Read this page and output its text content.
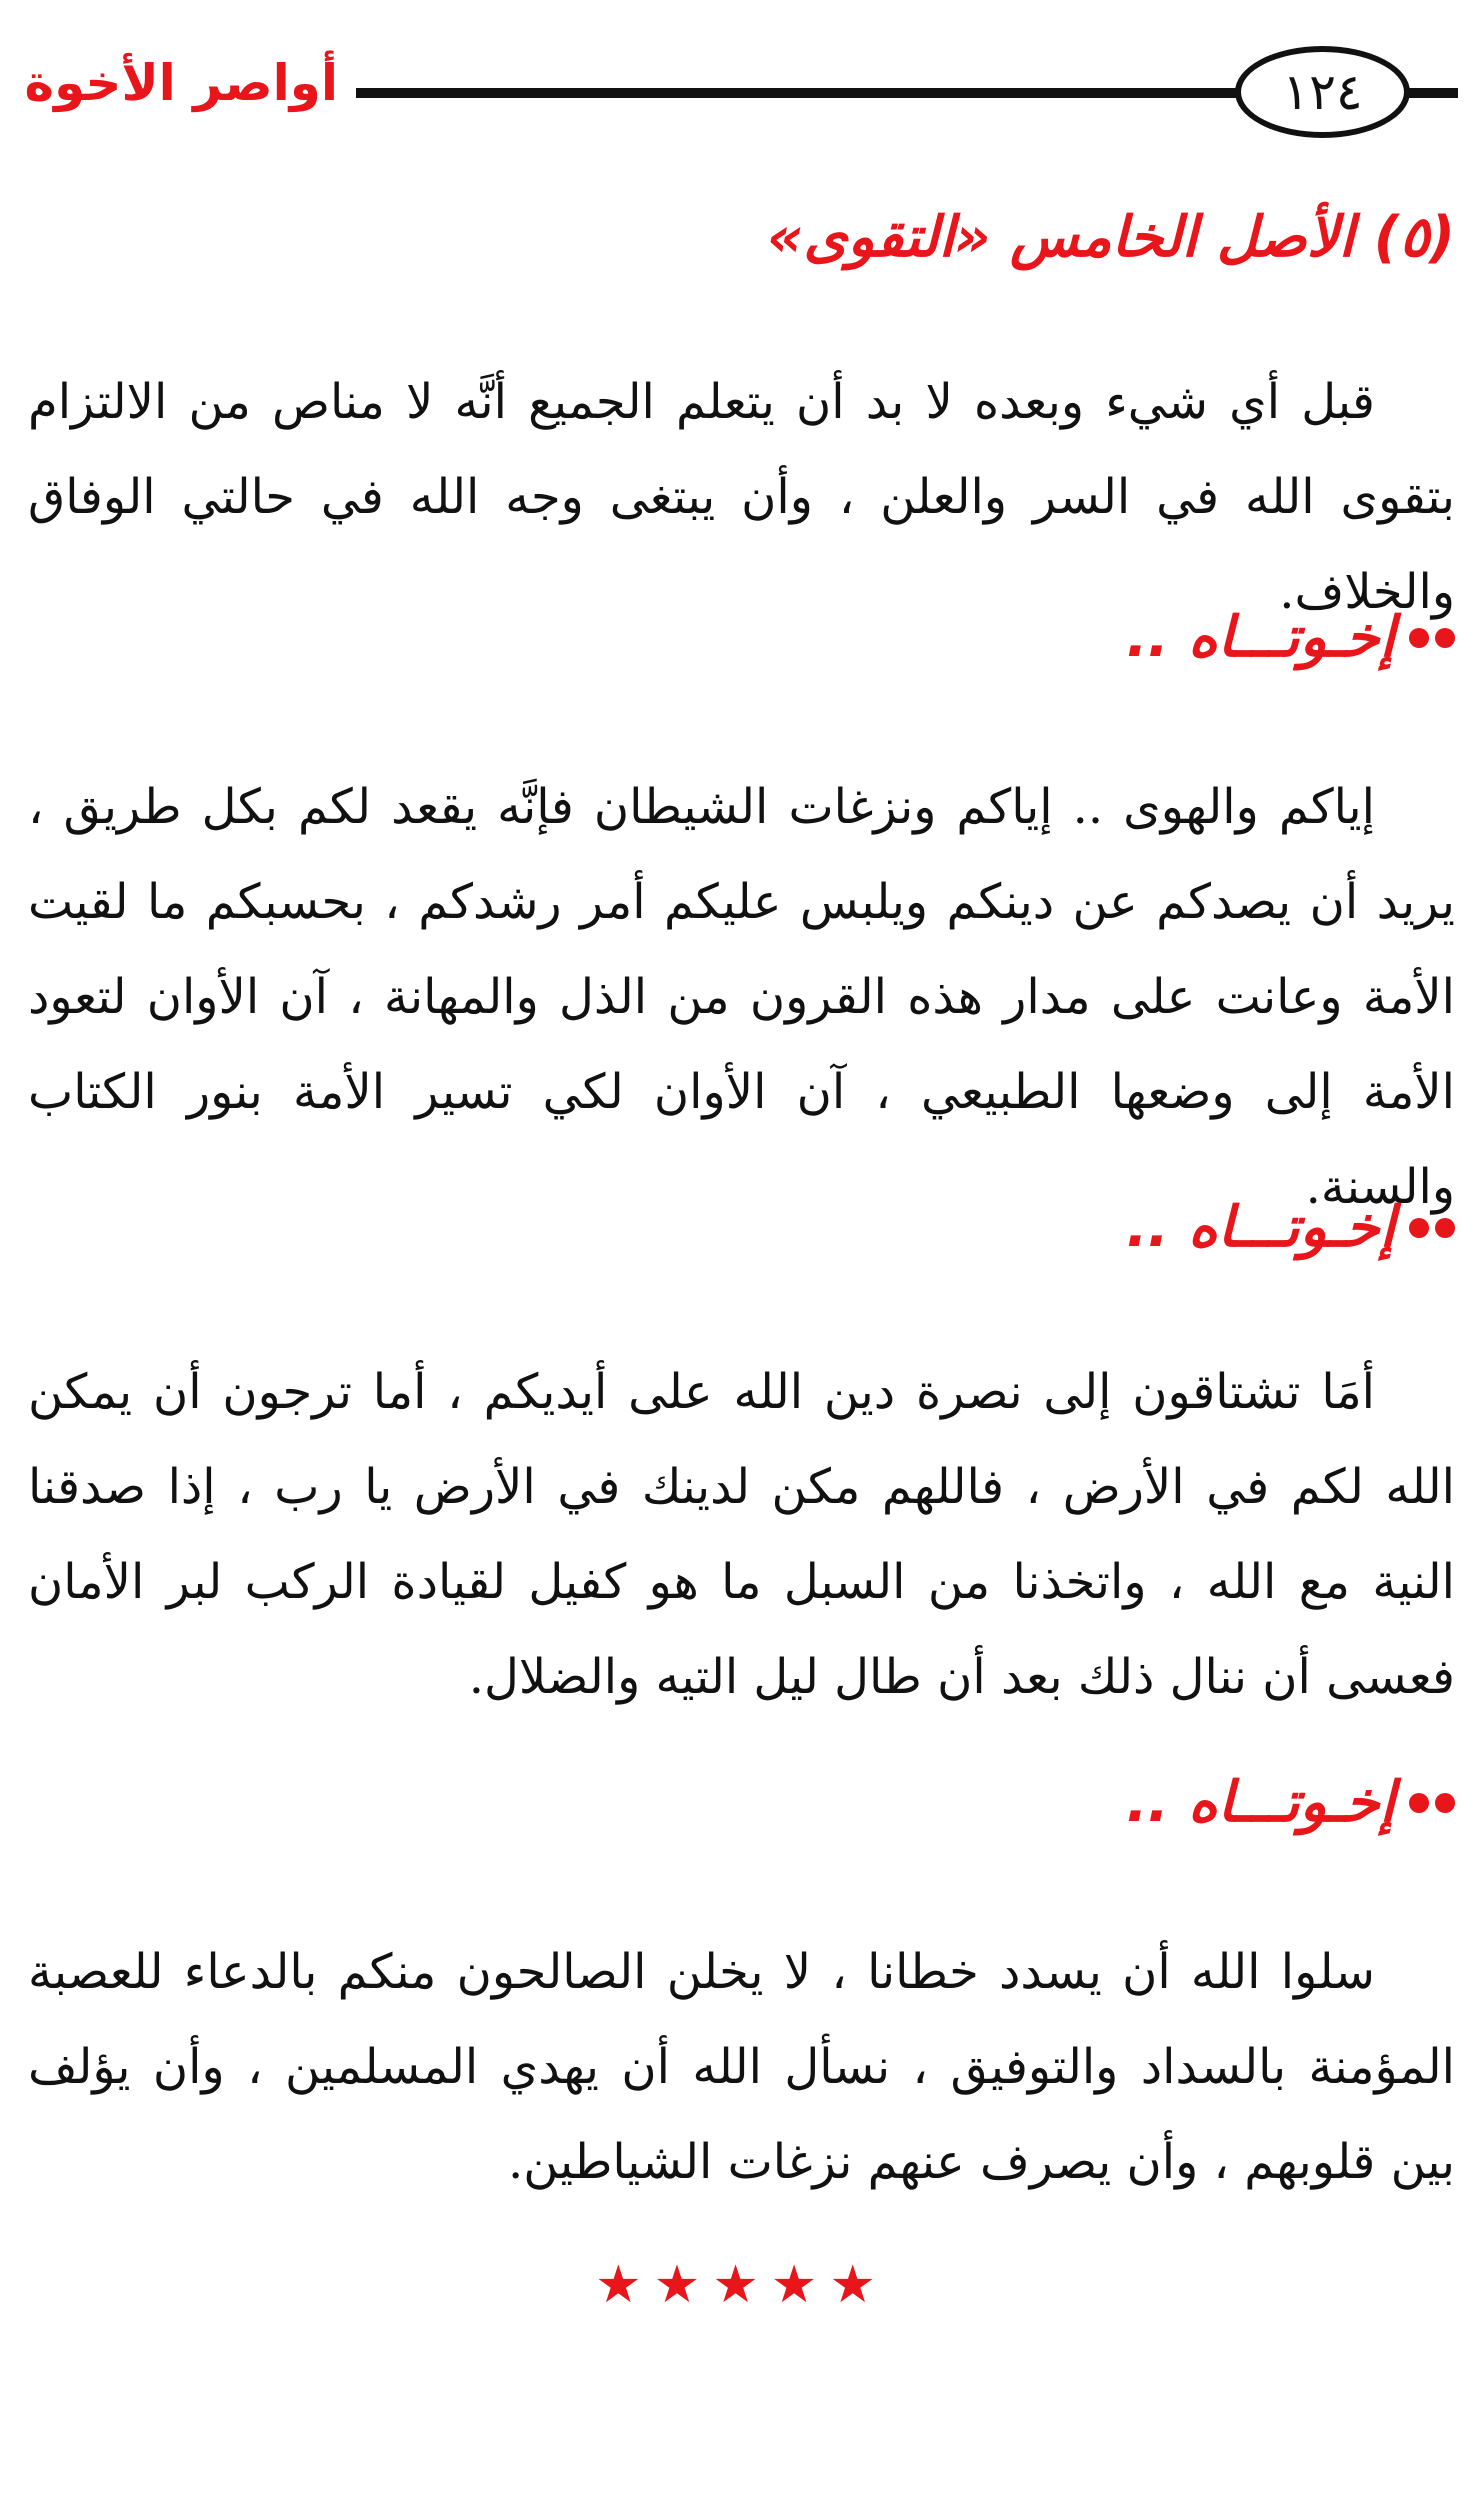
١٢٤
أواصر الأخوة
(٥) الأصل الخامس «التقوى»

قبل أي شيء وبعده لا بد أن يتعلم الجميع أنَّه لا مناص من الالتزام بتقوى الله في السر والعلن ، وأن يبتغى وجه الله في حالتي الوفاق والخلاف.

إخـوتـــاه ..

إياكم والهوى .. إياكم ونزغات الشيطان فإنَّه يقعد لكم بكل طريق ، يريد أن يصدكم عن دينكم ويلبس عليكم أمر رشدكم ، بحسبكم ما لقيت الأمة وعانت على مدار هذه القرون من الذل والمهانة ، آن الأوان لتعود الأمة إلى وضعها الطبيعي ، آن الأوان لكي تسير الأمة بنور الكتاب والسنة.

إخـوتـــاه ..

أمَا تشتاقون إلى نصرة دين الله على أيديكم ، أما ترجون أن يمكن الله لكم في الأرض ، فاللهم مكن لدينك في الأرض يا رب ، إذا صدقنا النية مع الله ، واتخذنا من السبل ما هو كفيل لقيادة الركب لبر الأمان فعسى أن ننال ذلك بعد أن طال ليل التيه والضلال.

إخـوتـــاه ..

سلوا الله أن يسدد خطانا ، لا يخلن الصالحون منكم بالدعاء للعصبة المؤمنة بالسداد والتوفيق ، نسأل الله أن يهدي المسلمين ، وأن يؤلف بين قلوبهم ، وأن يصرف عنهم نزغات الشياطين.

★★★★★
